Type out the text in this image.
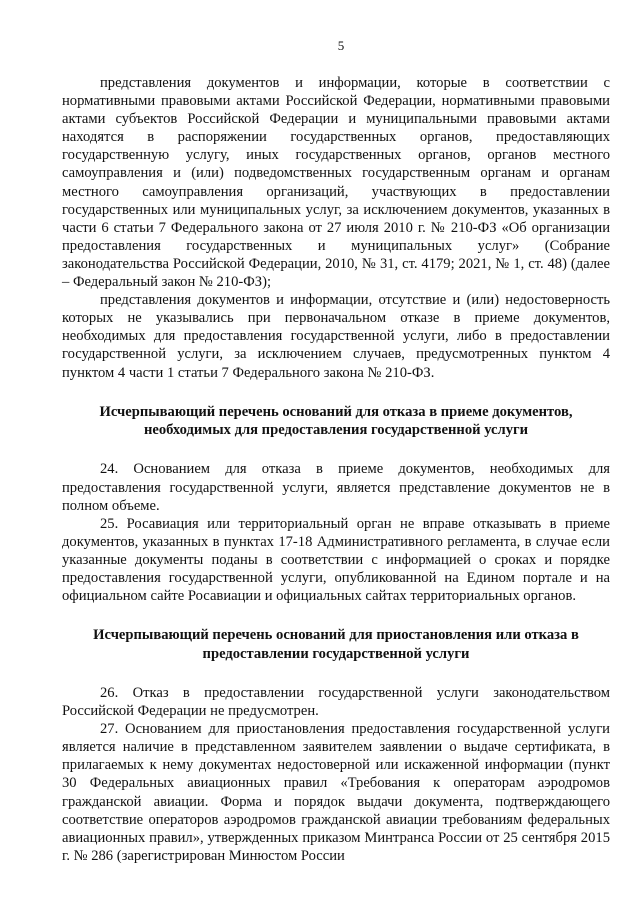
5

представления документов и информации, которые в соответствии с нормативными правовыми актами Российской Федерации, нормативными правовыми актами субъектов Российской Федерации и муниципальными правовыми актами находятся в распоряжении государственных органов, предоставляющих государственную услугу, иных государственных органов, органов местного самоуправления и (или) подведомственных государственным органам и органам местного самоуправления организаций, участвующих в предоставлении государственных или муниципальных услуг, за исключением документов, указанных в части 6 статьи 7 Федерального закона от 27 июля 2010 г. № 210-ФЗ «Об организации предоставления государственных и муниципальных услуг» (Собрание законодательства Российской Федерации, 2010, № 31, ст. 4179; 2021, № 1, ст. 48) (далее – Федеральный закон № 210-ФЗ);

представления документов и информации, отсутствие и (или) недостоверность которых не указывались при первоначальном отказе в приеме документов, необходимых для предоставления государственной услуги, либо в предоставлении государственной услуги, за исключением случаев, предусмотренных пунктом 4 пунктом 4 части 1 статьи 7 Федерального закона № 210-ФЗ.

Исчерпывающий перечень оснований для отказа в приеме документов, необходимых для предоставления государственной услуги

24. Основанием для отказа в приеме документов, необходимых для предоставления государственной услуги, является представление документов не в полном объеме.

25. Росавиация или территориальный орган не вправе отказывать в приеме документов, указанных в пунктах 17-18 Административного регламента, в случае если указанные документы поданы в соответствии с информацией о сроках и порядке предоставления государственной услуги, опубликованной на Едином портале и на официальном сайте Росавиации и официальных сайтах территориальных органов.

Исчерпывающий перечень оснований для приостановления или отказа в предоставлении государственной услуги

26. Отказ в предоставлении государственной услуги законодательством Российской Федерации не предусмотрен.

27. Основанием для приостановления предоставления государственной услуги является наличие в представленном заявителем заявлении о выдаче сертификата, в прилагаемых к нему документах недостоверной или искаженной информации (пункт 30 Федеральных авиационных правил «Требования к операторам аэродромов гражданской авиации. Форма и порядок выдачи документа, подтверждающего соответствие операторов аэродромов гражданской авиации требованиям федеральных авиационных правил», утвержденных приказом Минтранса России от 25 сентября 2015 г. № 286 (зарегистрирован Минюстом России
